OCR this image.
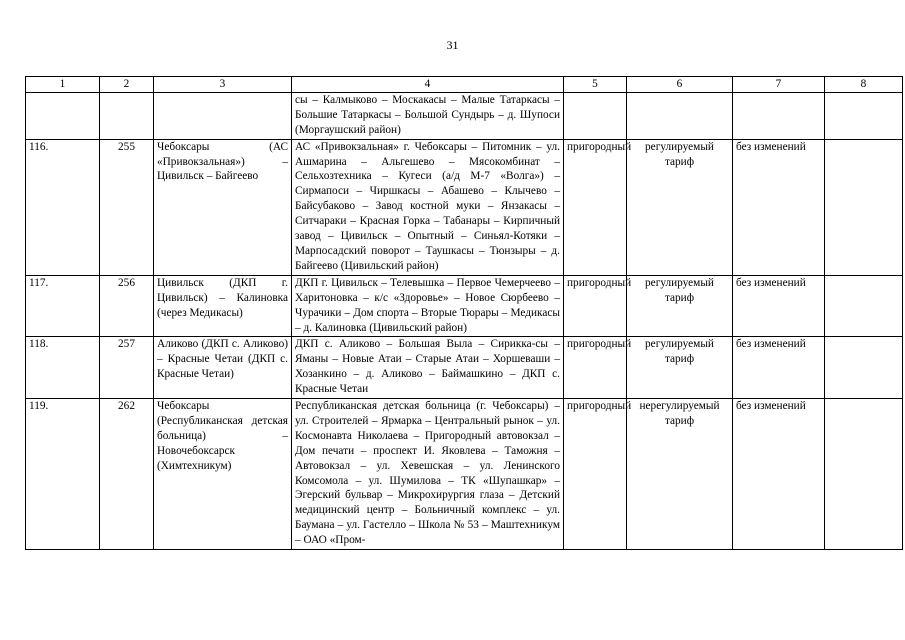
31
1	2	3	4	5	6	7	8
			сы – Калмыково – Москакасы – Малые Татаркасы – Большие Татаркасы – Большой Сундырь – д. Шупоси (Моргаушский район)				
116.	255	Чебоксары (АС «Привокзальная») – Цивильск – Байгеево	АС «Привокзальная» г. Чебоксары – Питомник – ул. Ашмарина – Альгешево – Мясокомбинат – Сельхозтехника – Кугеси (а/д М-7 «Волга») – Сирмапоси – Чиршкасы – Абашево – Клычево – Байсубаково – Завод костной муки – Янзакасы – Ситчараки – Красная Горка – Табанары – Кирпичный завод – Цивильск – Опытный – Синьял-Котяки – Марпосадский поворот – Таушкасы – Тюнзыры – д. Байгеево (Цивильский район)	пригородный	регулируемый тариф	без изменений	
117.	256	Цивильск (ДКП г. Цивильск) – Калиновка (через Медикасы)	ДКП г. Цивильск – Телевышка – Первое Чемерчеево – Харитоновка – к/с «Здоровье» – Новое Сюрбеево – Чурачики – Дом спорта – Вторые Тюрары – Медикасы – д. Калиновка (Цивильский район)	пригородный	регулируемый тариф	без изменений	
118.	257	Аликово (ДКП с. Аликово) – Красные Четаи (ДКП с. Красные Четаи)	ДКП с. Аликово – Большая Выла – Сирикка-сы – Яманы – Новые Атаи – Старые Атаи – Хоршеваши – Хозанкино – д. Аликово – Баймашкино – ДКП с. Красные Четаи	пригородный	регулируемый тариф	без изменений	
119.	262	Чебоксары (Республиканская детская больница) – Новочебоксарск (Химтехникум)	Республиканская детская больница (г. Чебоксары) – ул. Строителей – Ярмарка – Центральный рынок – ул. Космонавта Николаева – Пригородный автовокзал – Дом печати – проспект И. Яковлева – Таможня – Автовокзал – ул. Хевешская – ул. Ленинского Комсомола – ул. Шумилова – ТК «Шупашкар» – Эгерский бульвар – Микрохирургия глаза – Детский медицинский центр – Больничный комплекс – ул. Баумана – ул. Гастелло – Школа № 53 – Маштехникум – ОАО «Пром-	пригородный	нерегулируемый тариф	без изменений	
